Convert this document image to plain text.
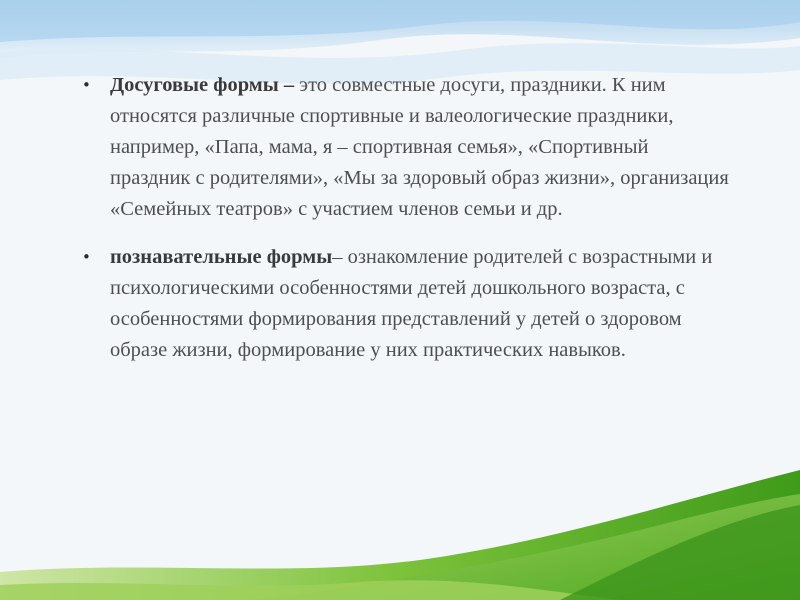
• Досуговые формы – это совместные досуги, праздники. К ним относятся различные спортивные и валеологические праздники, например, «Папа, мама, я – спортивная семья», «Спортивный праздник с родителями», «Мы за здоровый образ жизни», организация «Семейных театров» с участием членов семьи и др.
• познавательные формы– ознакомление родителей с возрастными и психологическими особенностями детей дошкольного возраста, с особенностями формирования представлений у детей о здоровом образе жизни, формирование у них практических навыков.
